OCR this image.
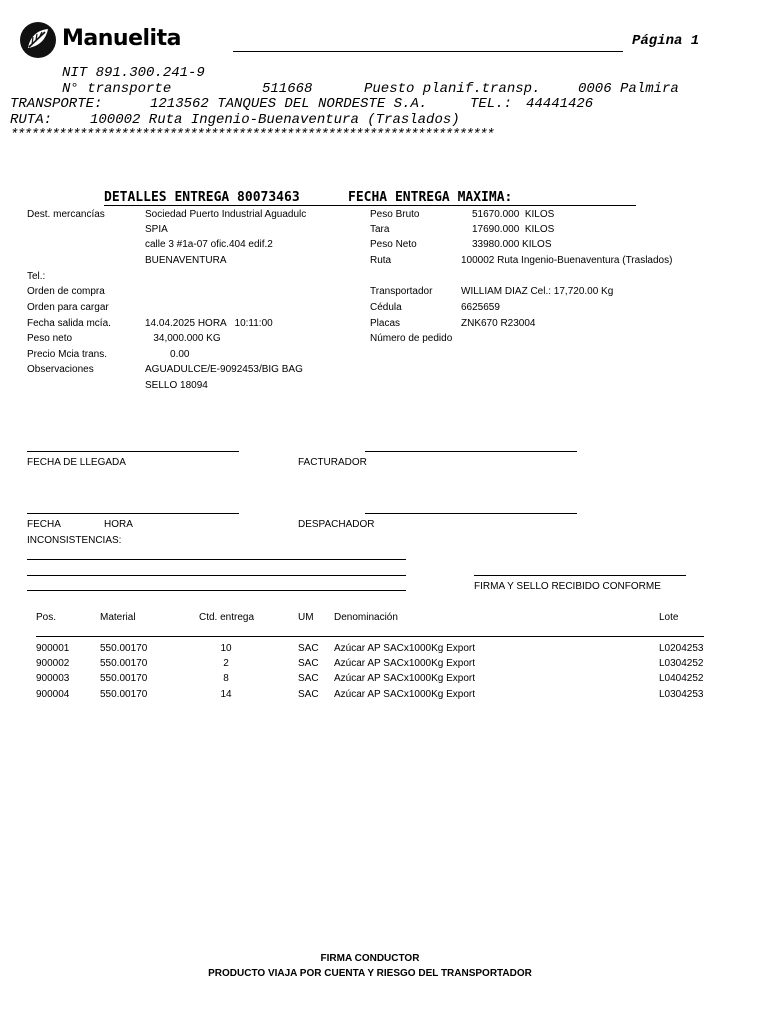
Manuelita	Página 1
NIT 891.300.241-9
N° transporte	511668	Puesto planif.transp.	0006 Palmira
TRANSPORTE:	1213562 TANQUES DEL NORDESTE S.A.	TEL.: 44441426
RUTA:	100002 Ruta Ingenio-Buenaventura (Traslados)
**********************************************************************
DETALLES ENTREGA 80073463	FECHA ENTREGA MAXIMA:
Dest. mercancías	Sociedad Puerto Industrial Aguadulc
SPIA
calle 3 #1a-07 ofic.404 edif.2
BUENAVENTURA
Tel.:
Orden de compra
Orden para cargar
Fecha salida mcía.	14.04.2025 HORA   10:11:00
Peso neto	34,000.000 KG
Precio Mcia trans.	0.00
Observaciones	AGUADULCE/E-9092453/BIG BAG
SELLO 18094
Peso Bruto	51670.000  KILOS
Tara	17690.000  KILOS
Peso Neto	33980.000 KILOS
Ruta	100002 Ruta Ingenio-Buenaventura (Traslados)
Transportador	WILLIAM DIAZ Cel.: 17,720.00 Kg
Cédula	6625659
Placas	ZNK670 R23004
Número de pedido
FECHA DE LLEGADA	FACTURADOR
FECHA	HORA	DESPACHADOR
INCONSISTENCIAS:
FIRMA Y SELLO RECIBIDO CONFORME
Pos.	Material	Ctd. entrega	UM Denominación	Lote
900001	550.00170	10	SAC Azúcar AP SACx1000Kg Export	L0204253
900002	550.00170	2	SAC Azúcar AP SACx1000Kg Export	L0304252
900003	550.00170	8	SAC Azúcar AP SACx1000Kg Export	L0404252
900004	550.00170	14	SAC Azúcar AP SACx1000Kg Export	L0304253
FIRMA CONDUCTOR
PRODUCTO VIAJA POR CUENTA Y RIESGO DEL TRANSPORTADOR
